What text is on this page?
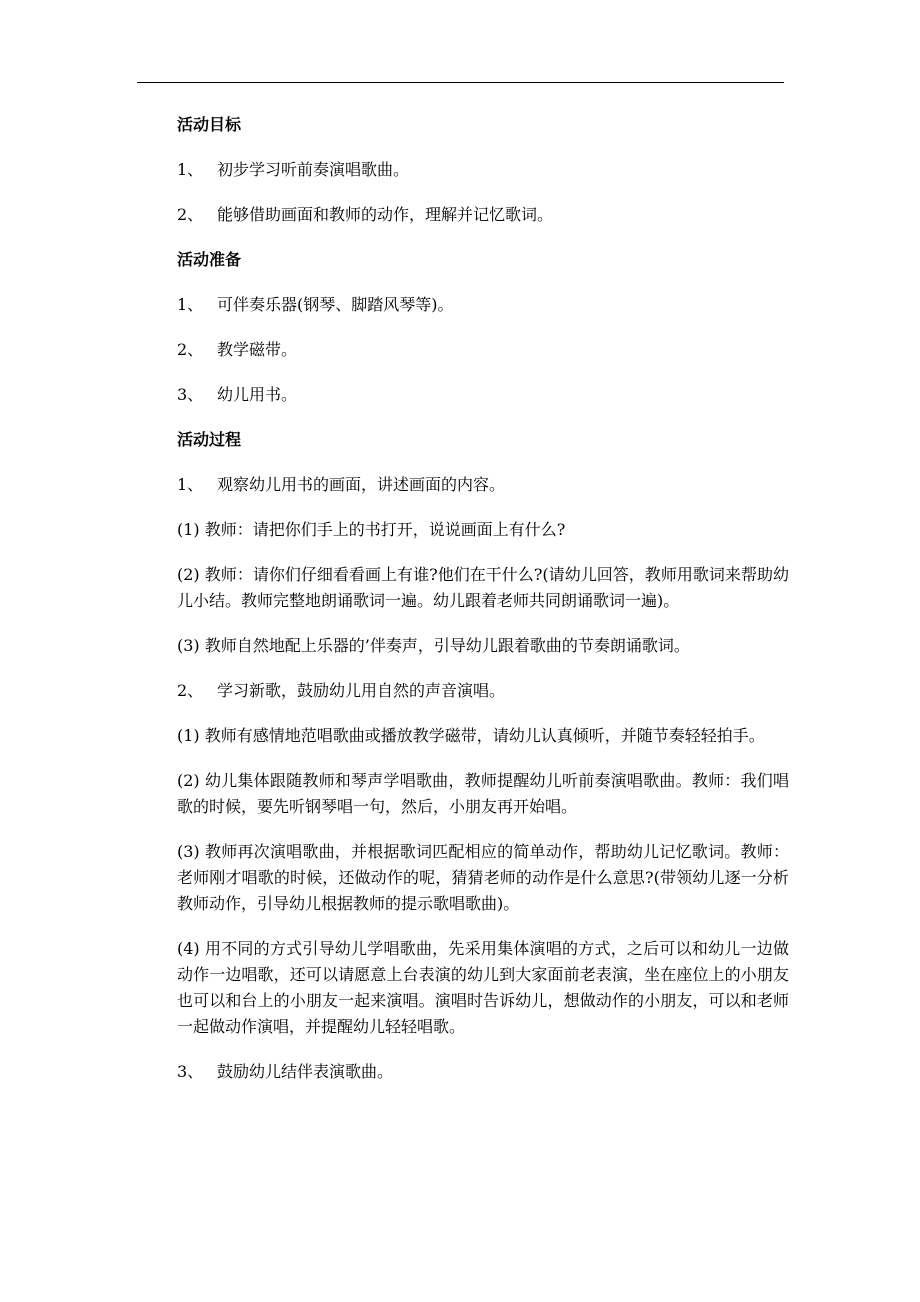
活动目标
1、 初步学习听前奏演唱歌曲。
2、 能够借助画面和教师的动作，理解并记忆歌词。
活动准备
1、 可伴奏乐器(钢琴、脚踏风琴等)。
2、 教学磁带。
3、 幼儿用书。
活动过程
1、 观察幼儿用书的画面，讲述画面的内容。
(1) 教师：请把你们手上的书打开，说说画面上有什么?
(2) 教师：请你们仔细看看画上有谁?他们在干什么?(请幼儿回答，教师用歌词来帮助幼儿小结。教师完整地朗诵歌词一遍。幼儿跟着老师共同朗诵歌词一遍)。
(3) 教师自然地配上乐器的’伴奏声，引导幼儿跟着歌曲的节奏朗诵歌词。
2、 学习新歌，鼓励幼儿用自然的声音演唱。
(1) 教师有感情地范唱歌曲或播放教学磁带，请幼儿认真倾听，并随节奏轻轻拍手。
(2) 幼儿集体跟随教师和琴声学唱歌曲，教师提醒幼儿听前奏演唱歌曲。教师：我们唱歌的时候，要先听钢琴唱一句，然后，小朋友再开始唱。
(3) 教师再次演唱歌曲，并根据歌词匹配相应的简单动作，帮助幼儿记忆歌词。教师：老师刚才唱歌的时候，还做动作的呢，猜猜老师的动作是什么意思?(带领幼儿逐一分析教师动作，引导幼儿根据教师的提示歌唱歌曲)。
(4) 用不同的方式引导幼儿学唱歌曲，先采用集体演唱的方式，之后可以和幼儿一边做动作一边唱歌，还可以请愿意上台表演的幼儿到大家面前老表演，坐在座位上的小朋友也可以和台上的小朋友一起来演唱。演唱时告诉幼儿，想做动作的小朋友，可以和老师一起做动作演唱，并提醒幼儿轻轻唱歌。
3、 鼓励幼儿结伴表演歌曲。
